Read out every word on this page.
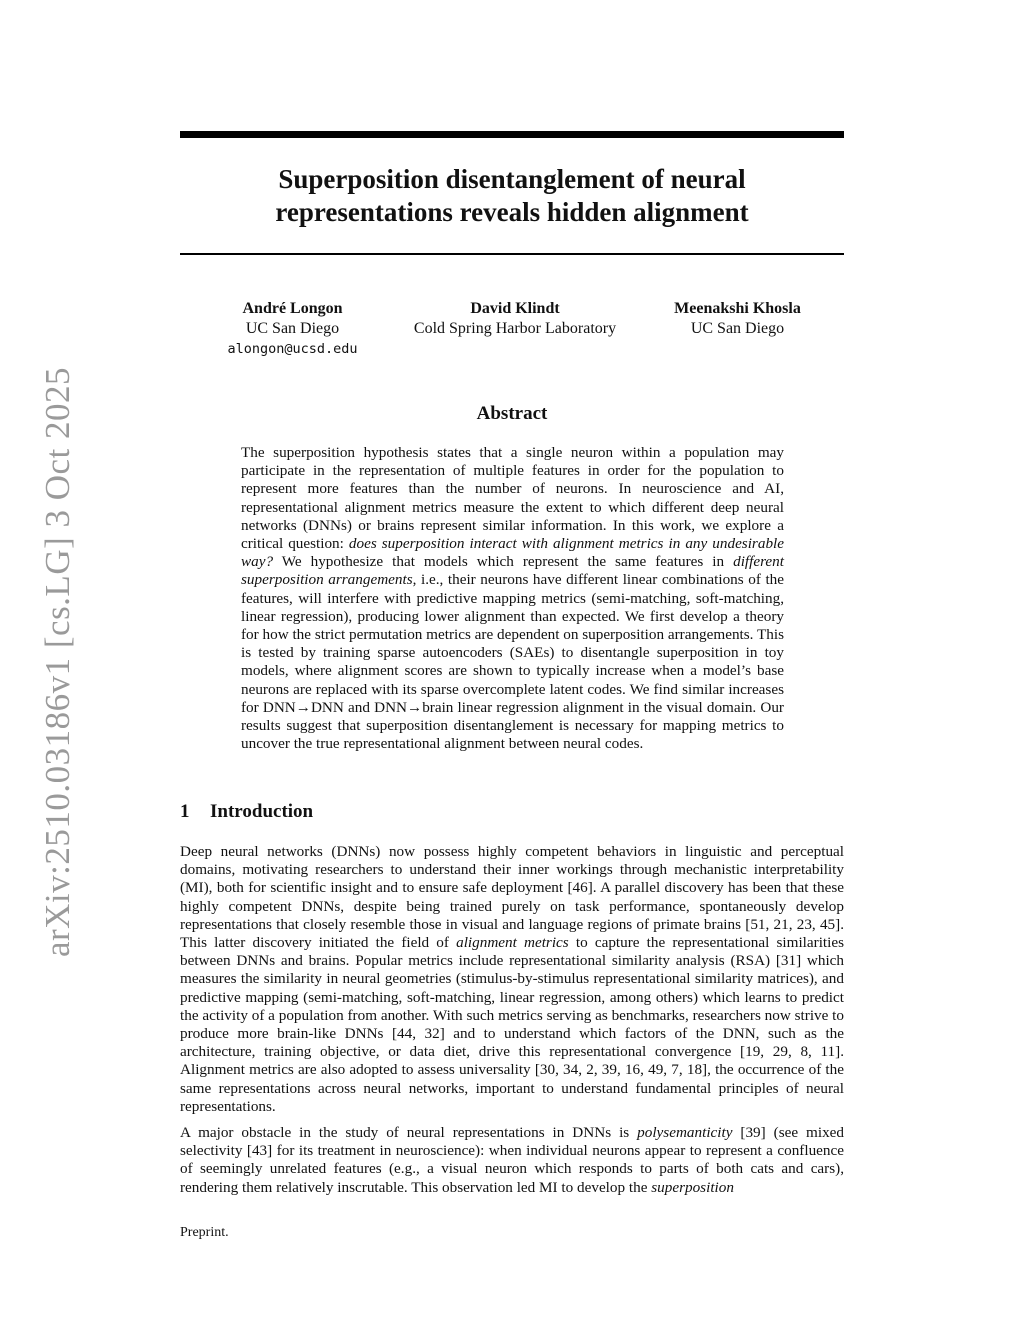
arXiv:2510.03186v1 [cs.LG] 3 Oct 2025
Superposition disentanglement of neural
representations reveals hidden alignment
André Longon
UC San Diego
alongon@ucsd.edu
David Klindt
Cold Spring Harbor Laboratory
Meenakshi Khosla
UC San Diego
Abstract
The superposition hypothesis states that a single neuron within a population may participate in the representation of multiple features in order for the population to represent more features than the number of neurons. In neuroscience and AI, representational alignment metrics measure the extent to which different deep neural networks (DNNs) or brains represent similar information. In this work, we explore a critical question: does superposition interact with alignment metrics in any undesirable way? We hypothesize that models which represent the same features in different superposition arrangements, i.e., their neurons have different linear combinations of the features, will interfere with predictive mapping metrics (semi-matching, soft-matching, linear regression), producing lower alignment than expected. We first develop a theory for how the strict permutation metrics are dependent on superposition arrangements. This is tested by training sparse autoencoders (SAEs) to disentangle superposition in toy models, where alignment scores are shown to typically increase when a model’s base neurons are replaced with its sparse overcomplete latent codes. We find similar increases for DNN→DNN and DNN→brain linear regression alignment in the visual domain. Our results suggest that superposition disentanglement is necessary for mapping metrics to uncover the true representational alignment between neural codes.
1 Introduction

Deep neural networks (DNNs) now possess highly competent behaviors in linguistic and perceptual domains, motivating researchers to understand their inner workings through mechanistic interpretability (MI), both for scientific insight and to ensure safe deployment [46]. A parallel discovery has been that these highly competent DNNs, despite being trained purely on task performance, spontaneously develop representations that closely resemble those in visual and language regions of primate brains [51, 21, 23, 45]. This latter discovery initiated the field of alignment metrics to capture the representational similarities between DNNs and brains. Popular metrics include representational similarity analysis (RSA) [31] which measures the similarity in neural geometries (stimulus-by-stimulus representational similarity matrices), and predictive mapping (semi-matching, soft-matching, linear regression, among others) which learns to predict the activity of a population from another. With such metrics serving as benchmarks, researchers now strive to produce more brain-like DNNs [44, 32] and to understand which factors of the DNN, such as the architecture, training objective, or data diet, drive this representational convergence [19, 29, 8, 11]. Alignment metrics are also adopted to assess universality [30, 34, 2, 39, 16, 49, 7, 18], the occurrence of the same representations across neural networks, important to understand fundamental principles of neural representations.

A major obstacle in the study of neural representations in DNNs is polysemanticity [39] (see mixed selectivity [43] for its treatment in neuroscience): when individual neurons appear to represent a confluence of seemingly unrelated features (e.g., a visual neuron which responds to parts of both cats and cars), rendering them relatively inscrutable. This observation led MI to develop the superposition

Preprint.
